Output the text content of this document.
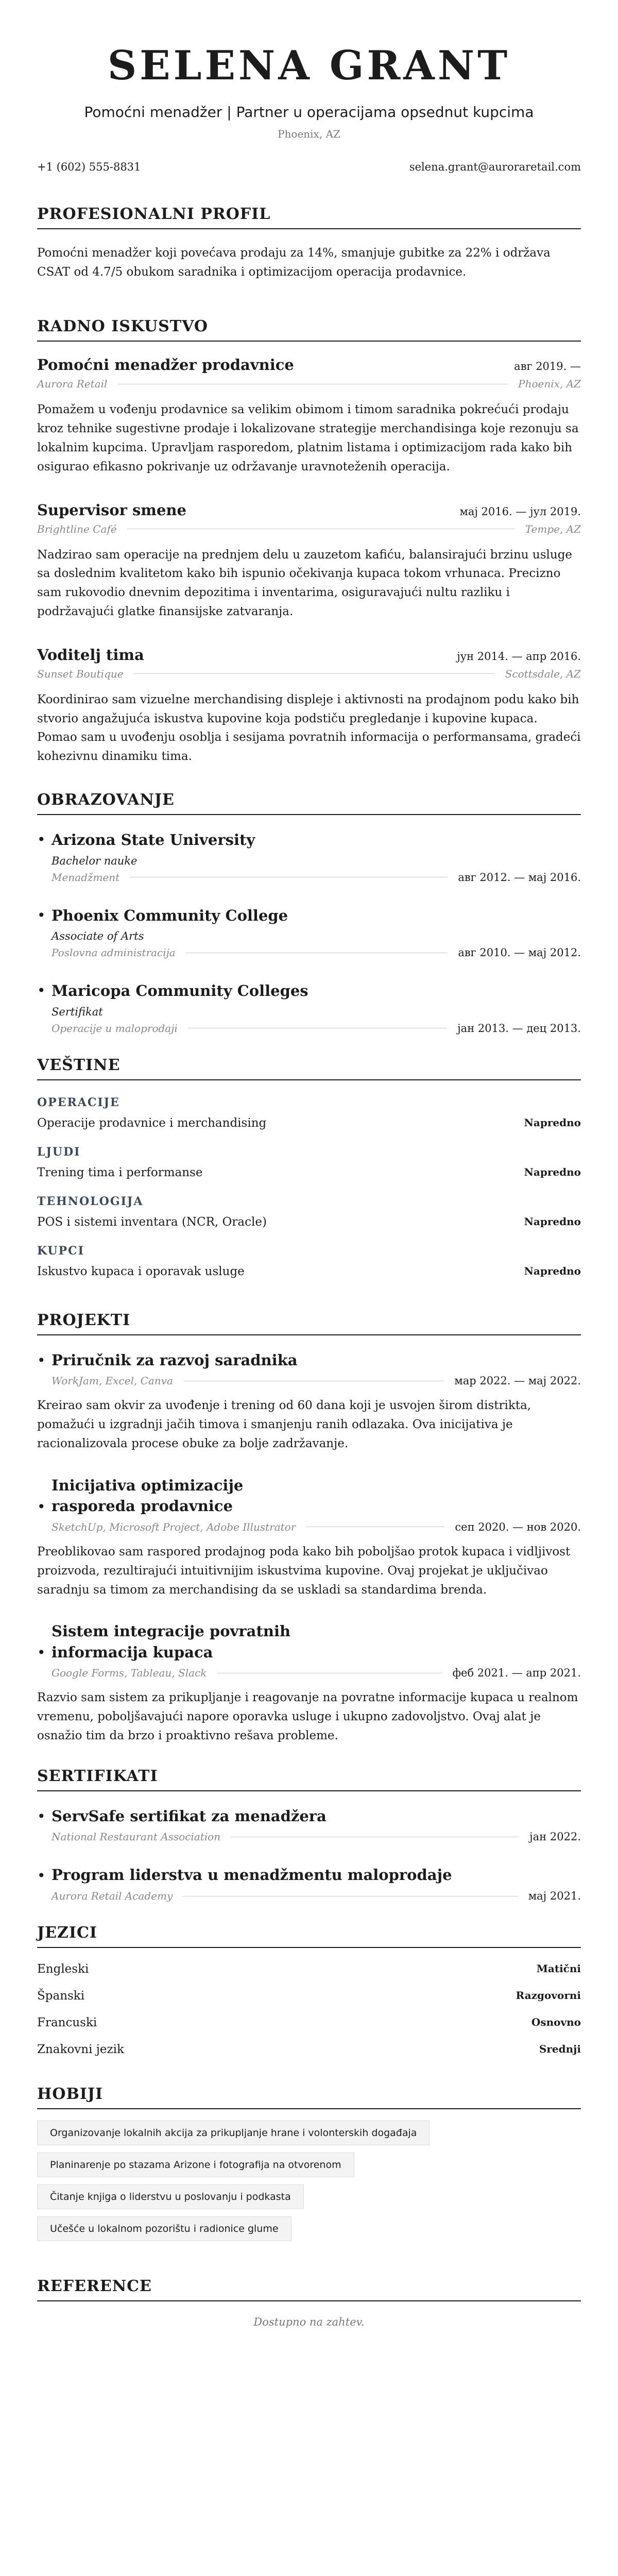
SELENA GRANT
Pomoćni menadžer | Partner u operacijama opsednut kupcima
Phoenix, AZ
+1 (602) 555-8831	selena.grant@auroraretail.com
PROFESIONALNI PROFIL

Pomoćni menadžer koji povećava prodaju za 14%, smanjuje gubitke za 22% i održava CSAT od 4.7/5 obukom saradnika i optimizacijom operacija prodavnice.

RADNO ISKUSTVO
Pomoćni menadžer prodavnice	авг 2019. —
Aurora Retail	Phoenix, AZ

Pomažem u vođenju prodavnice sa velikim obimom i timom saradnika pokrećući prodaju kroz tehnike sugestivne prodaje i lokalizovane strategije merchandisinga koje rezonuju sa lokalnim kupcima. Upravljam rasporedom, platnim listama i optimizacijom rada kako bih osigurao efikasno pokrivanje uz održavanje uravnoteženih operacija.

Supervisor smene	мај 2016. — јул 2019.
Brightline Café	Tempe, AZ

Nadzirao sam operacije na prednjem delu u zauzetom kafiću, balansirajući brzinu usluge sa doslednim kvalitetom kako bih ispunio očekivanja kupaca tokom vrhunaca. Precizno sam rukovodio dnevnim depozitima i inventarima, osiguravajući nultu razliku i podržavajući glatke finansijske zatvaranja.

Voditelj tima	јун 2014. — апр 2016.
Sunset Boutique	Scottsdale, AZ

Koordinirao sam vizuelne merchandising displeje i aktivnosti na prodajnom podu kako bih stvorio angažujuća iskustva kupovine koja podstiču pregledanje i kupovine kupaca. Pomao sam u uvođenju osoblja i sesijama povratnih informacija o performansama, gradeći kohezivnu dinamiku tima.

OBRAZOVANJE
• Arizona State University
Bachelor nauke
Menadžment	авг 2012. — мај 2016.
• Phoenix Community College
Associate of Arts
Poslovna administracija	авг 2010. — мај 2012.
• Maricopa Community Colleges
Sertifikat
Operacije u maloprodaji	јан 2013. — дец 2013.
VEŠTINE
OPERACIJE
Operacije prodavnice i merchandising	Napredno
LJUDI
Trening tima i performanse	Napredno
TEHNOLOGIJA
POS i sistemi inventara (NCR, Oracle)	Napredno
KUPCI
Iskustvo kupaca i oporavak usluge	Napredno
PROJEKTI
• Priručnik za razvoj saradnika
WorkJam, Excel, Canva	мар 2022. — мај 2022.

Kreirao sam okvir za uvođenje i trening od 60 dana koji je usvojen širom distrikta, pomažući u izgradnji jačih timova i smanjenju ranih odlazaka. Ova inicijativa je racionalizovala procese obuke za bolje zadržavanje.

•
Inicijativa optimizacije rasporeda prodavnice
SketchUp, Microsoft Project, Adobe Illustrator	сеп 2020. — нов 2020.

Preoblikovao sam raspored prodajnog poda kako bih poboljšao protok kupaca i vidljivost proizvoda, rezultirajući intuitivnijim iskustvima kupovine. Ovaj projekat je uključivao saradnju sa timom za merchandising da se uskladi sa standardima brenda.

•
Sistem integracije povratnih informacija kupaca
Google Forms, Tableau, Slack	феб 2021. — апр 2021.

Razvio sam sistem za prikupljanje i reagovanje na povratne informacije kupaca u realnom vremenu, poboljšavajući napore oporavka usluge i ukupno zadovoljstvo. Ovaj alat je osnažio tim da brzo i proaktivno rešava probleme.

SERTIFIKATI
• ServSafe sertifikat za menadžera
National Restaurant Association	јан 2022.
• Program liderstva u menadžmentu maloprodaje
Aurora Retail Academy	мај 2021.
JEZICI
Engleski	Matični
Španski	Razgovorni
Francuski	Osnovno
Znakovni jezik	Srednji
HOBIJI
Organizovanje lokalnih akcija za prikupljanje hrane i volonterskih događaja
Planinarenje po stazama Arizone i fotografija na otvorenom
Čitanje knjiga o liderstvu u poslovanju i podkasta
Učešće u lokalnom pozorištu i radionice glume
REFERENCE
Dostupno na zahtev.
